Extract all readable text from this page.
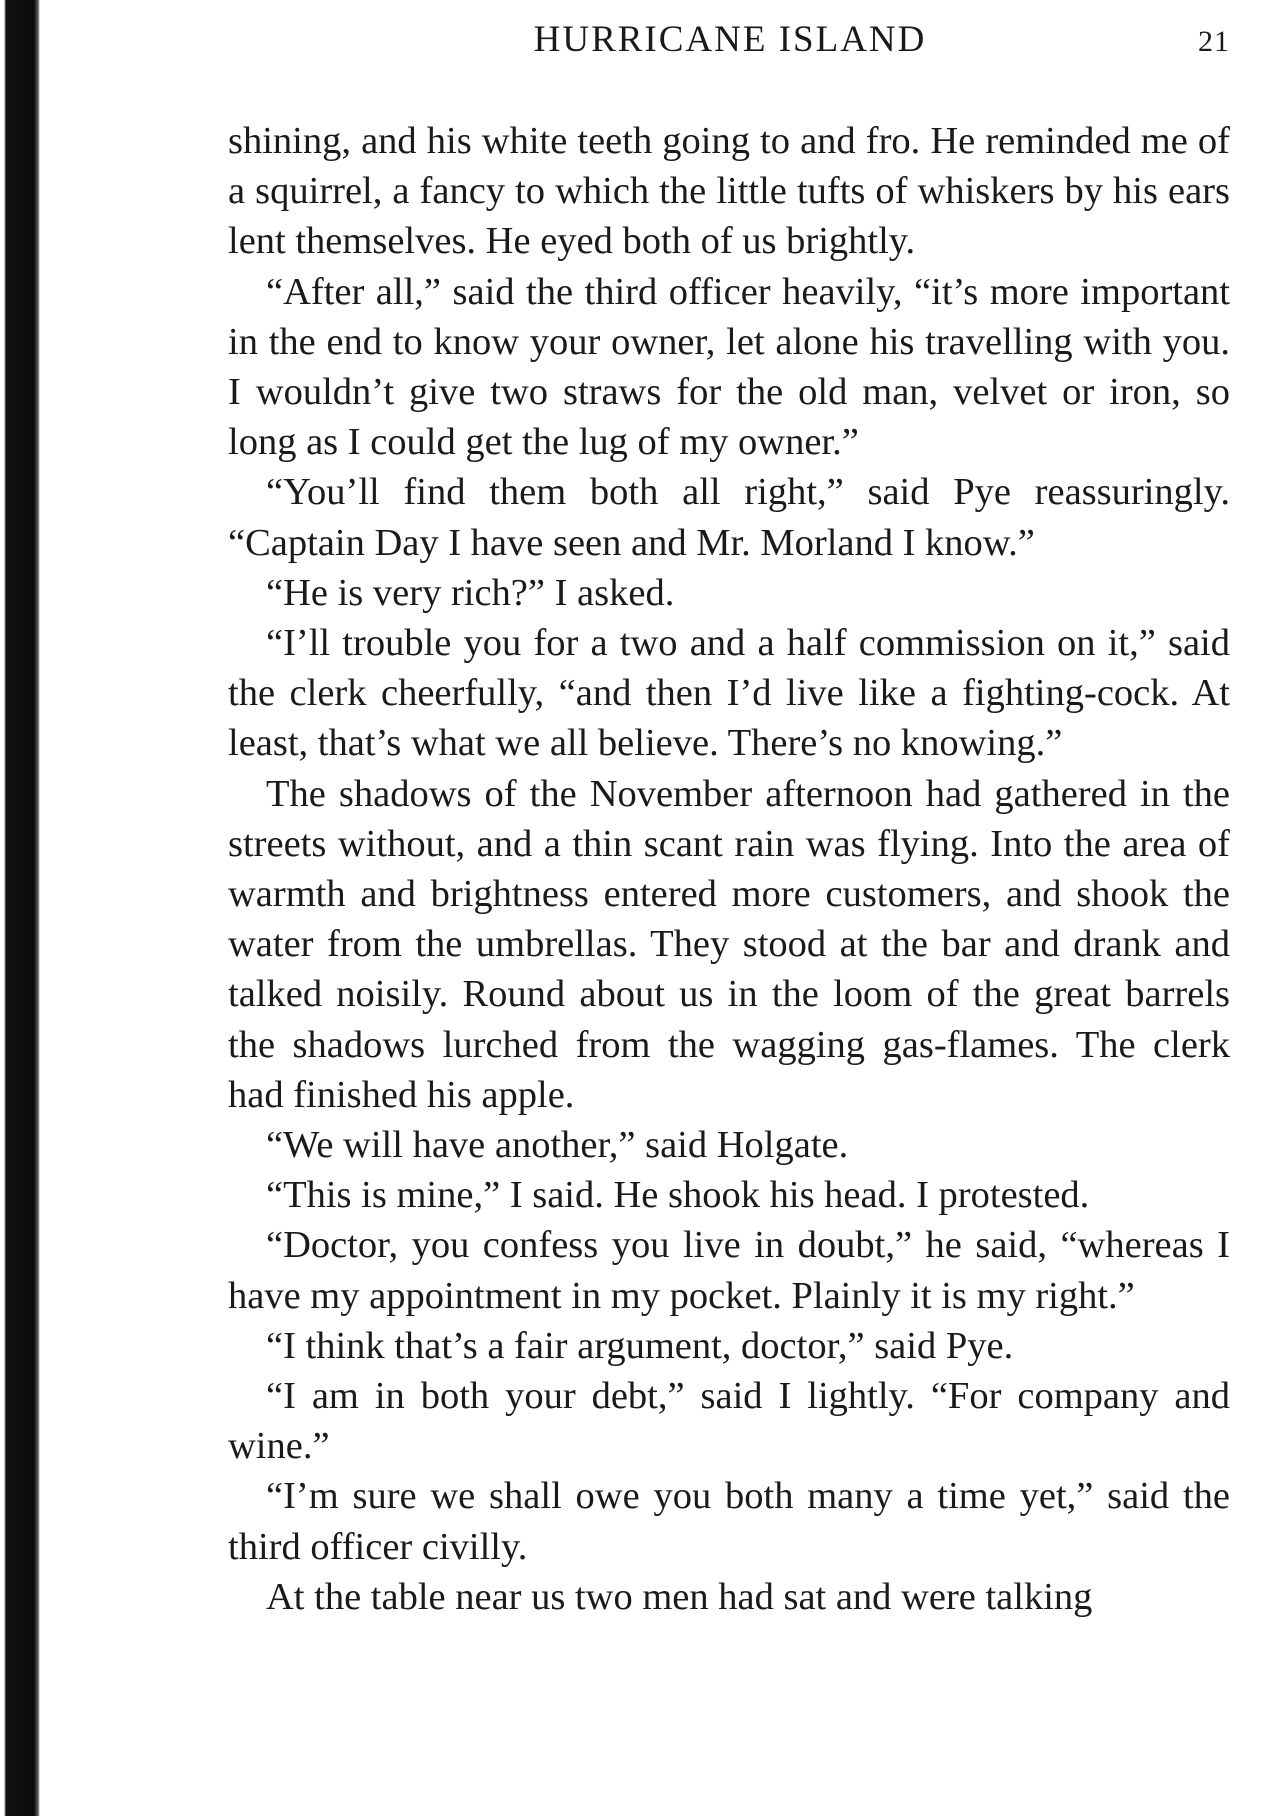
HURRICANE ISLAND	21

shining, and his white teeth going to and fro. He reminded me of a squirrel, a fancy to which the little tufts of whiskers by his ears lent themselves. He eyed both of us brightly.

“After all,” said the third officer heavily, “it’s more important in the end to know your owner, let alone his travelling with you. I wouldn’t give two straws for the old man, velvet or iron, so long as I could get the lug of my owner.”

“You’ll find them both all right,” said Pye reassuringly. “Captain Day I have seen and Mr. Morland I know.”

“He is very rich?” I asked.

“I’ll trouble you for a two and a half commission on it,” said the clerk cheerfully, “and then I’d live like a fighting-cock. At least, that’s what we all believe. There’s no knowing.”

The shadows of the November afternoon had gathered in the streets without, and a thin scant rain was flying. Into the area of warmth and brightness entered more customers, and shook the water from the umbrellas. They stood at the bar and drank and talked noisily. Round about us in the loom of the great barrels the shadows lurched from the wagging gas-flames. The clerk had finished his apple.

“We will have another,” said Holgate.

“This is mine,” I said. He shook his head. I protested.

“Doctor, you confess you live in doubt,” he said, “whereas I have my appointment in my pocket. Plainly it is my right.”

“I think that’s a fair argument, doctor,” said Pye.

“I am in both your debt,” said I lightly. “For company and wine.”

“I’m sure we shall owe you both many a time yet,” said the third officer civilly.

At the table near us two men had sat and were talking
